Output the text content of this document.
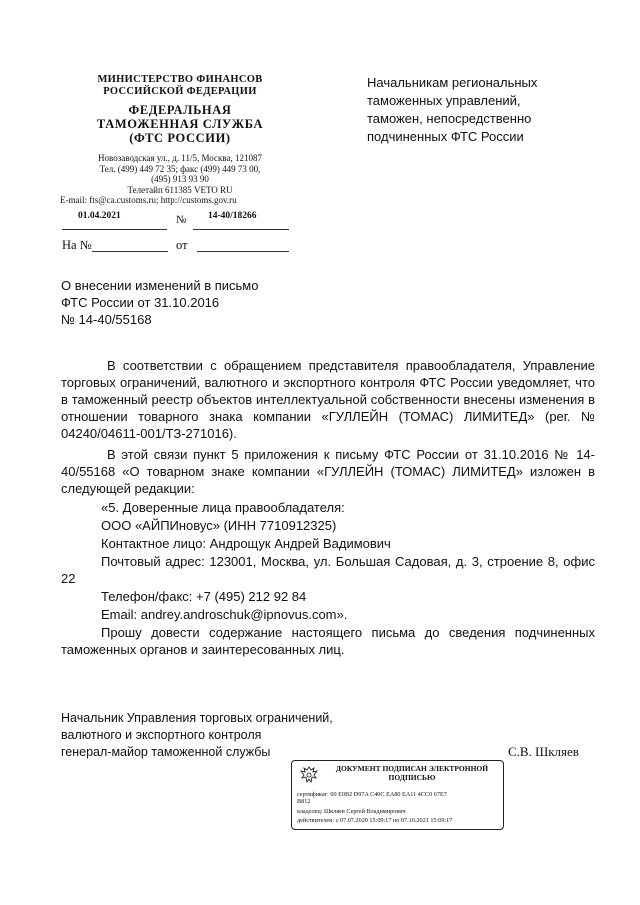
МИНИСТЕРСТВО ФИНАНСОВ
РОССИЙСКОЙ ФЕДЕРАЦИИ
ФЕДЕРАЛЬНАЯ
ТАМОЖЕННАЯ СЛУЖБА
(ФТС РОССИИ)
Новозаводская ул., д. 11/5, Москва, 121087
Тел. (499) 449 72 35; факс (499) 449 73 00,
(495) 913 93 90
Телетайп 611385 VETO RU
E-mail: fts@ca.customs.ru; http://customs.gov.ru
01.04.2021	№ 14-40/18266
На №	от
Начальникам региональных
таможенных управлений,
таможен, непосредственно
подчиненных ФТС России
О внесении изменений в письмо
ФТС России от 31.10.2016
№ 14-40/55168
В соответствии с обращением представителя правообладателя, Управление торговых ограничений, валютного и экспортного контроля ФТС России уведомляет, что в таможенный реестр объектов интеллектуальной собственности внесены изменения в отношении товарного знака компании «ГУЛЛЕЙН (ТОМАС) ЛИМИТЕД» (рег. № 04240/04611-001/ТЗ-271016).
В этой связи пункт 5 приложения к письму ФТС России от 31.10.2016 № 14-40/55168 «О товарном знаке компании «ГУЛЛЕЙН (ТОМАС) ЛИМИТЕД» изложен в следующей редакции:
«5. Доверенные лица правообладателя:
ООО «АЙПИновус» (ИНН 7710912325)
Контактное лицо: Андрощук Андрей Вадимович
Почтовый адрес: 123001, Москва, ул. Большая Садовая, д. 3, строение 8, офис 22
Телефон/факс: +7 (495) 212 92 84
Email: andrey.androschuk@ipnovus.com».
Прошу довести содержание настоящего письма до сведения подчиненных таможенных органов и заинтересованных лиц.
Начальник Управления торговых ограничений,
валютного и экспортного контроля
генерал-майор таможенной службы	С.В. Шкляев
ДОКУМЕНТ ПОДПИСАН ЭЛЕКТРОННОЙ
ПОДПИСЬЮ
сертификат: 00 E0B2 D97A C40C EA80 EA11 4CC0 67E7
B812
владелец: Шкляев Сергей Владимирович
действителен: с 07.07.2020 15:09:17 по 07.10.2021 15:09:17
